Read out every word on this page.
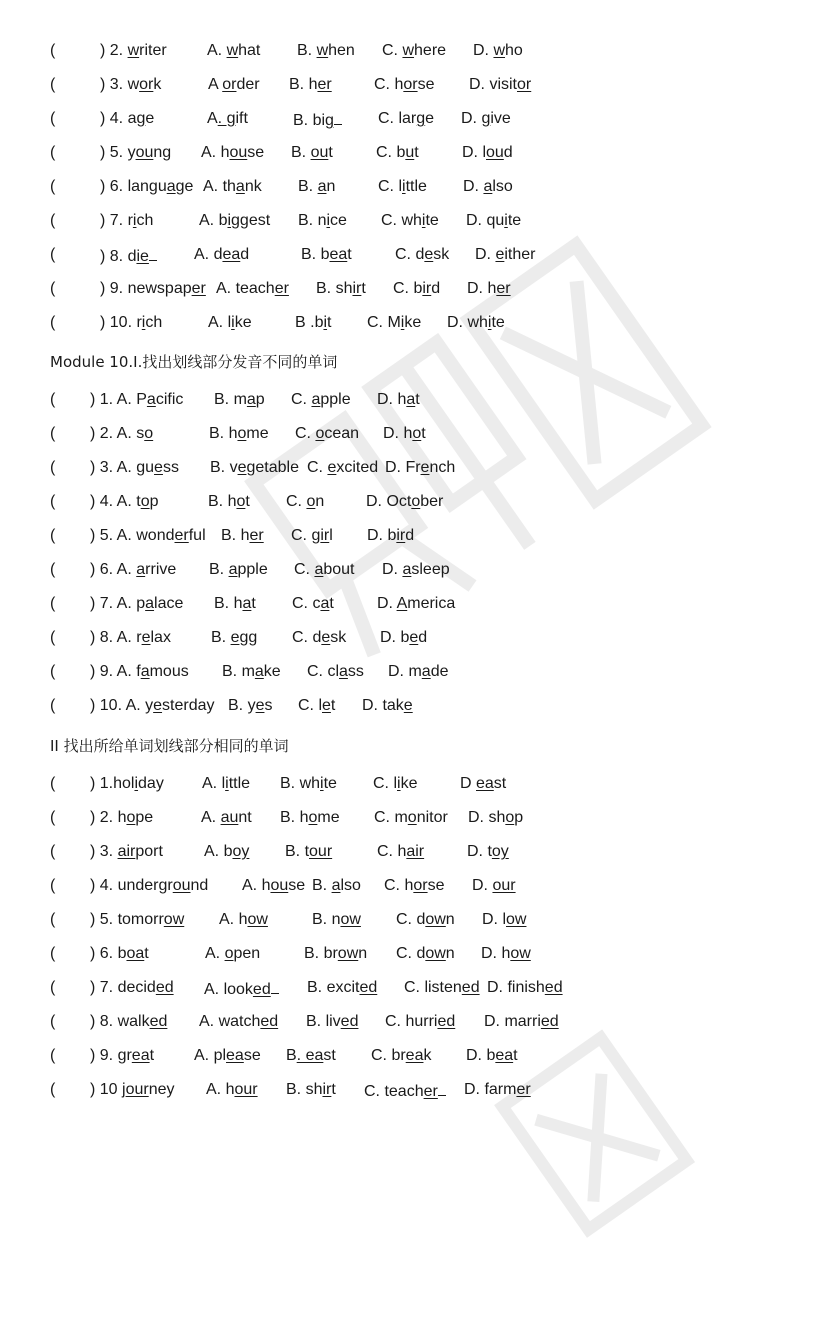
(	) 2. writer	A. what B. when C. where D. who
(	) 3. work	A order B. her	C. horse D. visitor
(	) 4. age	A. gift	B. big	C. large D. give
(	) 5. young A. house B. out	C. but	D. loud
(	) 6. language A. thank B. an	C. little D. also
(	) 7. rich	A. biggest B. nice C. white D. quite
(	) 8. die	A. dead	B. beat	C. desk D. either
(	) 9. newspaper A. teacher B. shirt C. bird D. her
(	) 10. rich	A. like	B .bit C. Mike D. white
Module 10.I.找出划线部分发音不同的单词
( ) 1. A. Pacific B. map C. apple D. hat
( ) 2. A. so	B. home C. ocean D. hot
( ) 3. A. guess B. vegetable C. excited D. French
( ) 4. A. top	B. hot C. on	D. October
( ) 5. A. wonderful B. her C. girl D. bird
( ) 6. A. arrive B. apple C. about D. asleep
( ) 7. A. palace B. hat C. cat	D. America
( ) 8. A. relax	B. egg C. desk D. bed
( ) 9. A. famous B. make C. class D. made
( ) 10. A. yesterday B. yes C. let D. take
II 找出所给单词划线部分相同的单词
( ) 1.holiday A. little B. white C. like	D east
( ) 2. hope	A. aunt B. home C. monitor D. shop
( ) 3. airport	A. boy B. tour	C. hair	D. toy
( ) 4. underground A. house B. also C. horse D. our
( ) 5. tomorrow A. how	B. now C. down D. low
( ) 6. boat	A. open	B. brown C. down D. how
( ) 7. decided A. looked	B. excited C. listened D. finished
( ) 8. walked A. watched B. lived C. hurried D. married
( ) 9. great A. please B. east C. break D. beat
( ) 10 journey A. hour B. shirt C. teacher	D. farmer
